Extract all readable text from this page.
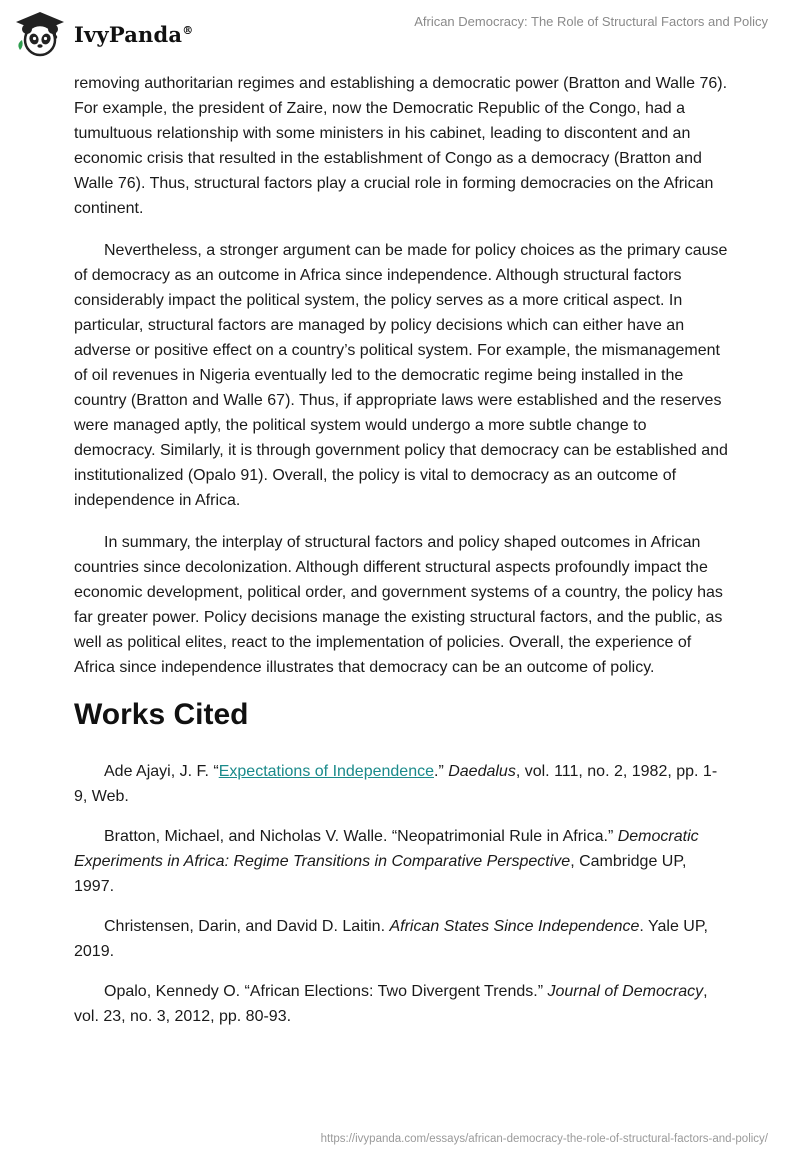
IvyPanda®
African Democracy: The Role of Structural Factors and Policy

removing authoritarian regimes and establishing a democratic power (Bratton and Walle 76). For example, the president of Zaire, now the Democratic Republic of the Congo, had a tumultuous relationship with some ministers in his cabinet, leading to discontent and an economic crisis that resulted in the establishment of Congo as a democracy (Bratton and Walle 76). Thus, structural factors play a crucial role in forming democracies on the African continent.

Nevertheless, a stronger argument can be made for policy choices as the primary cause of democracy as an outcome in Africa since independence. Although structural factors considerably impact the political system, the policy serves as a more critical aspect. In particular, structural factors are managed by policy decisions which can either have an adverse or positive effect on a country’s political system. For example, the mismanagement of oil revenues in Nigeria eventually led to the democratic regime being installed in the country (Bratton and Walle 67). Thus, if appropriate laws were established and the reserves were managed aptly, the political system would undergo a more subtle change to democracy. Similarly, it is through government policy that democracy can be established and institutionalized (Opalo 91). Overall, the policy is vital to democracy as an outcome of independence in Africa.

In summary, the interplay of structural factors and policy shaped outcomes in African countries since decolonization. Although different structural aspects profoundly impact the economic development, political order, and government systems of a country, the policy has far greater power. Policy decisions manage the existing structural factors, and the public, as well as political elites, react to the implementation of policies. Overall, the experience of Africa since independence illustrates that democracy can be an outcome of policy.

Works Cited

Ade Ajayi, J. F. “Expectations of Independence.” Daedalus, vol. 111, no. 2, 1982, pp. 1-9, Web.

Bratton, Michael, and Nicholas V. Walle. “Neopatrimonial Rule in Africa.” Democratic Experiments in Africa: Regime Transitions in Comparative Perspective, Cambridge UP, 1997.

Christensen, Darin, and David D. Laitin. African States Since Independence. Yale UP, 2019.

Opalo, Kennedy O. “African Elections: Two Divergent Trends.” Journal of Democracy, vol. 23, no. 3, 2012, pp. 80-93.

https://ivypanda.com/essays/african-democracy-the-role-of-structural-factors-and-policy/
